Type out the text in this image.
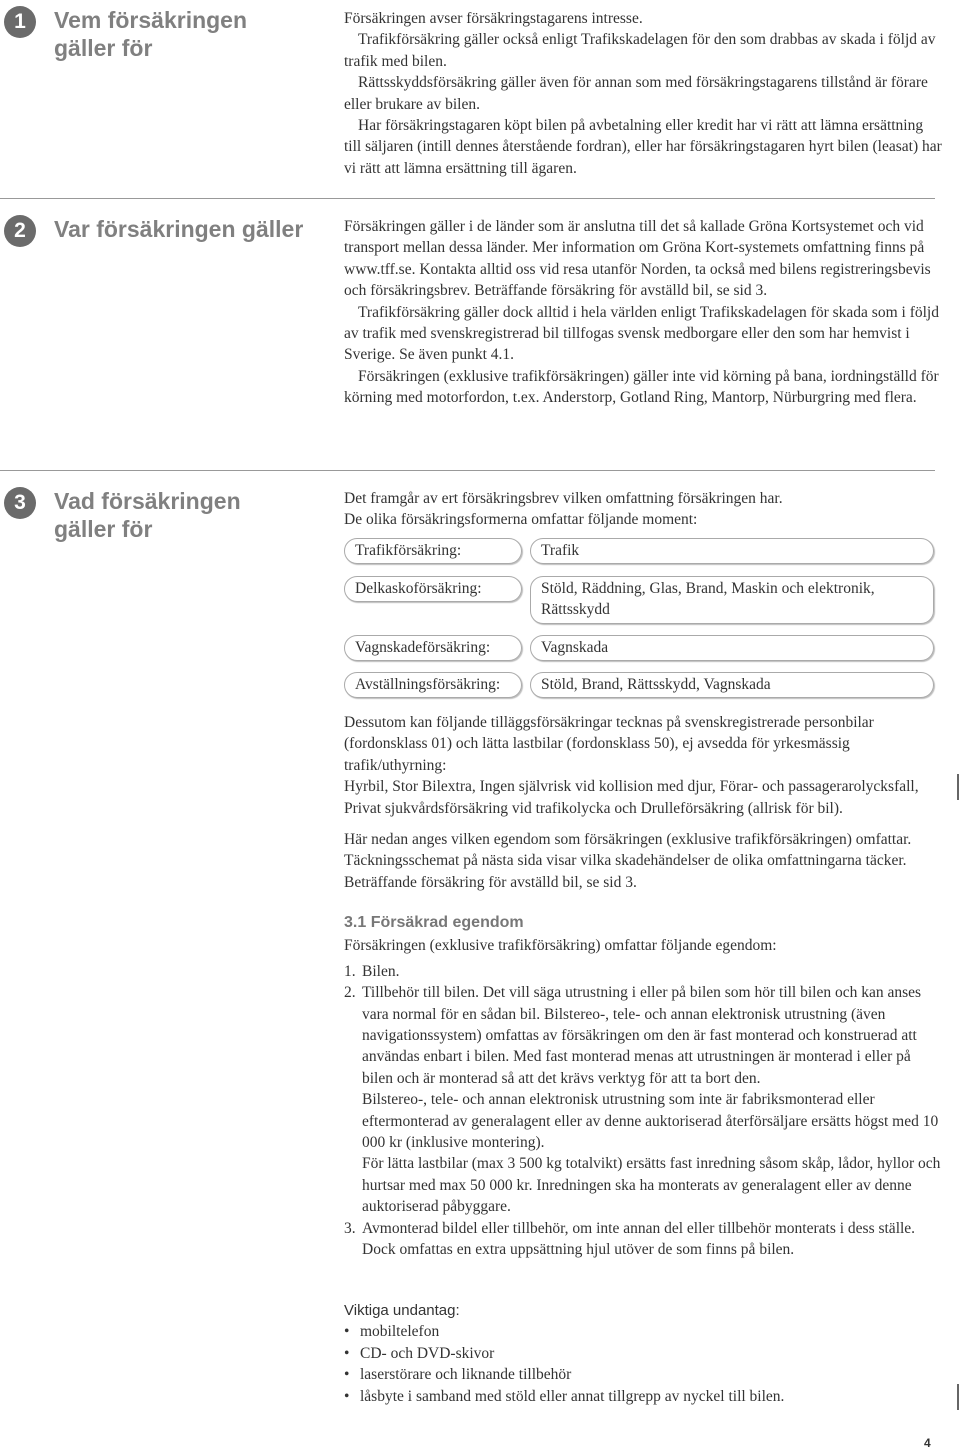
1	Vem försäkringen gäller för

Försäkringen avser försäkringstagarens intresse.

Trafikförsäkring gäller också enligt Trafikskadelagen för den som drabbas av skada i följd av trafik med bilen.

Rättsskyddsförsäkring gäller även för annan som med försäkringstagarens tillstånd är förare eller brukare av bilen.

Har försäkringstagaren köpt bilen på avbetalning eller kredit har vi rätt att lämna ersättning till säljaren (intill dennes återstående fordran), eller har försäkringstagaren hyrt bilen (leasat) har vi rätt att lämna ersättning till ägaren.

2	Var försäkringen gäller	Försäkringen gäller i de länder som är anslutna till det så kallade Gröna Kortsystemet och vid transport mellan dessa länder. Mer information om Gröna Kort-systemets omfattning finns på www.tff.se. Kontakta alltid oss vid resa utanför Norden, ta också med bilens registreringsbevis och försäkringsbrev. Beträffande försäkring för avställd bil, se sid 3.

Trafikförsäkring gäller dock alltid i hela världen enligt Trafikskadelagen för skada som i följd av trafik med svenskregistrerad bil tillfogas svensk medborgare eller den som har hemvist i Sverige. Se även punkt 4.1.

Försäkringen (exklusive trafikförsäkringen) gäller inte vid körning på bana, iordningställd för körning med motorfordon, t.ex. Anderstorp, Gotland Ring, Mantorp, Nürburgring med flera.

3	Vad försäkringen gäller för

Det framgår av ert försäkringsbrev vilken omfattning försäkringen har.

De olika försäkringsformerna omfattar följande moment:

Trafikförsäkring:	Trafik
Delkaskoförsäkring:	Stöld, Räddning, Glas, Brand, Maskin och elektronik, Rättsskydd
Vagnskadeförsäkring:	Vagnskada
Avställningsförsäkring:	Stöld, Brand, Rättsskydd, Vagnskada

Dessutom kan följande tilläggsförsäkringar tecknas på svenskregistrerade personbilar (fordonsklass 01) och lätta lastbilar (fordonsklass 50), ej avsedda för yrkesmässig trafik/uthyrning:

Hyrbil, Stor Bilextra, Ingen självrisk vid kollision med djur, Förar- och passagerarolycksfall, Privat sjukvårdsförsäkring vid trafikolycka och Drulleförsäkring (allrisk för bil).

Här nedan anges vilken egendom som försäkringen (exklusive trafikförsäkringen) omfattar. Täckningsschemat på nästa sida visar vilka skadehändelser de olika omfattningarna täcker. Beträffande försäkring för avställd bil, se sid 3.

3.1 Försäkrad egendom

Försäkringen (exklusive trafikförsäkring) omfattar följande egendom:

1. Bilen.

2. Tillbehör till bilen. Det vill säga utrustning i eller på bilen som hör till bilen och kan anses vara normal för en sådan bil. Bilstereo-, tele- och annan elektronisk utrustning (även navigationssystem) omfattas av försäkringen om den är fast monterad och konstruerad att användas enbart i bilen. Med fast monterad menas att utrustningen är monterad i eller på bilen och är monterad så att det krävs verktyg för att ta bort den.

Bilstereo-, tele- och annan elektronisk utrustning som inte är fabriksmonterad eller eftermonterad av generalagent eller av denne auktoriserad återförsäljare ersätts högst med 10 000 kr (inklusive montering).

För lätta lastbilar (max 3 500 kg totalvikt) ersätts fast inredning såsom skåp, lådor, hyllor och hurtsar med max 50 000 kr. Inredningen ska ha monterats av generalagent eller av denne auktoriserad påbyggare.

3. Avmonterad bildel eller tillbehör, om inte annan del eller tillbehör monterats i dess ställe. Dock omfattas en extra uppsättning hjul utöver de som finns på bilen.

Viktiga undantag:

• mobiltelefon
• CD- och DVD-skivor
• laserstörare och liknande tillbehör
• låsbyte i samband med stöld eller annat tillgrepp av nyckel till bilen.
4
